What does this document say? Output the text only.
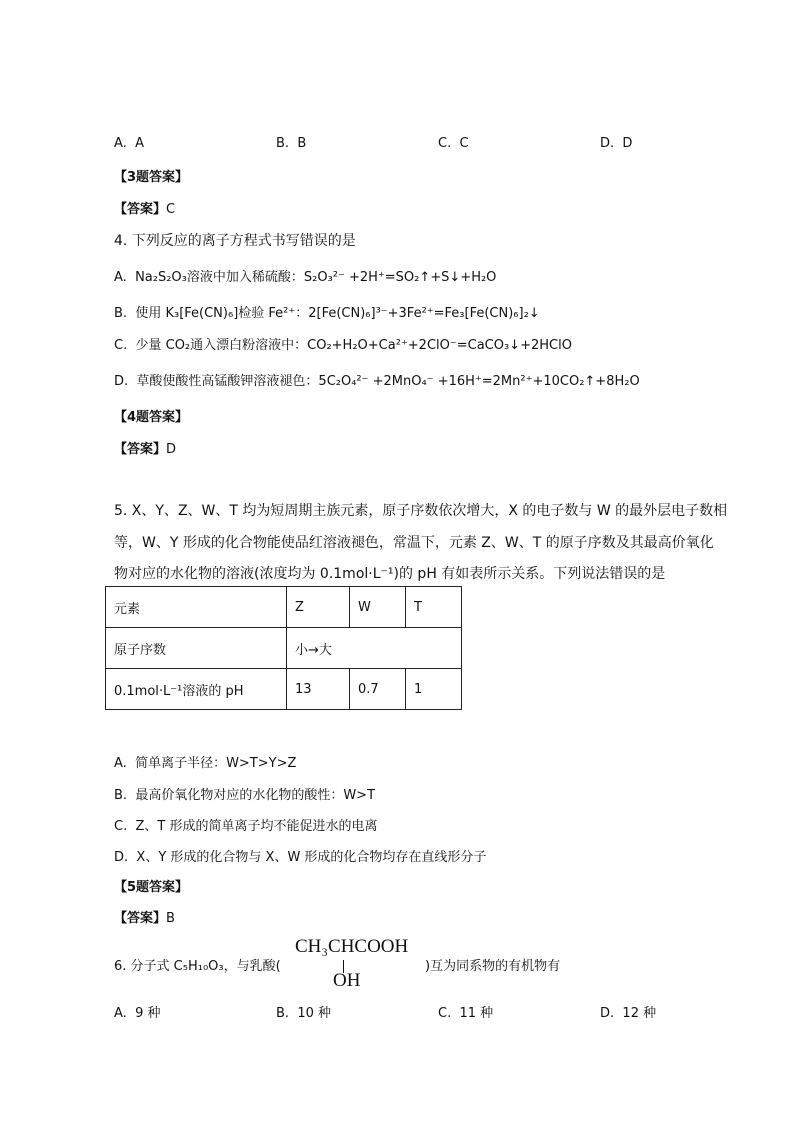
A. A	B. B	C. C	D. D
【3题答案】
【答案】C
4. 下列反应的离子方程式书写错误的是
A. Na₂S₂O₃溶液中加入稀硫酸：S₂O₃²⁻ +2H⁺=SO₂↑+S↓+H₂O
B. 使用 K₃[Fe(CN)₆]检验 Fe²⁺：2[Fe(CN)₆]³⁻+3Fe²⁺=Fe₃[Fe(CN)₆]₂↓
C. 少量 CO₂通入漂白粉溶液中：CO₂+H₂O+Ca²⁺+2ClO⁻=CaCO₃↓+2HClO
D. 草酸使酸性高锰酸钾溶液褪色：5C₂O₄²⁻ +2MnO₄⁻ +16H⁺=2Mn²⁺+10CO₂↑+8H₂O
【4题答案】
【答案】D
5. X、Y、Z、W、T 均为短周期主族元素，原子序数依次增大，X 的电子数与 W 的最外层电子数相
等，W、Y 形成的化合物能使品红溶液褪色，常温下，元素 Z、W、T 的原子序数及其最高价氧化
物对应的水化物的溶液(浓度均为 0.1mol·L⁻¹)的 pH 有如表所示关系。下列说法错误的是
元素	Z	W	T
原子序数	小→大		
0.1mol·L⁻¹溶液的 pH	13	0.7	1
A. 简单离子半径：W>T>Y>Z
B. 最高价氧化物对应的水化物的酸性：W>T
C. Z、T 形成的简单离子均不能促进水的电离
D. X、Y 形成的化合物与 X、W 形成的化合物均存在直线形分子
【5题答案】
【答案】B
6. 分子式 C₅H₁₀O₃，与乳酸(
CH₃CHCOOH
OH
)互为同系物的有机物有
A. 9 种	B. 10 种	C. 11 种	D. 12 种
